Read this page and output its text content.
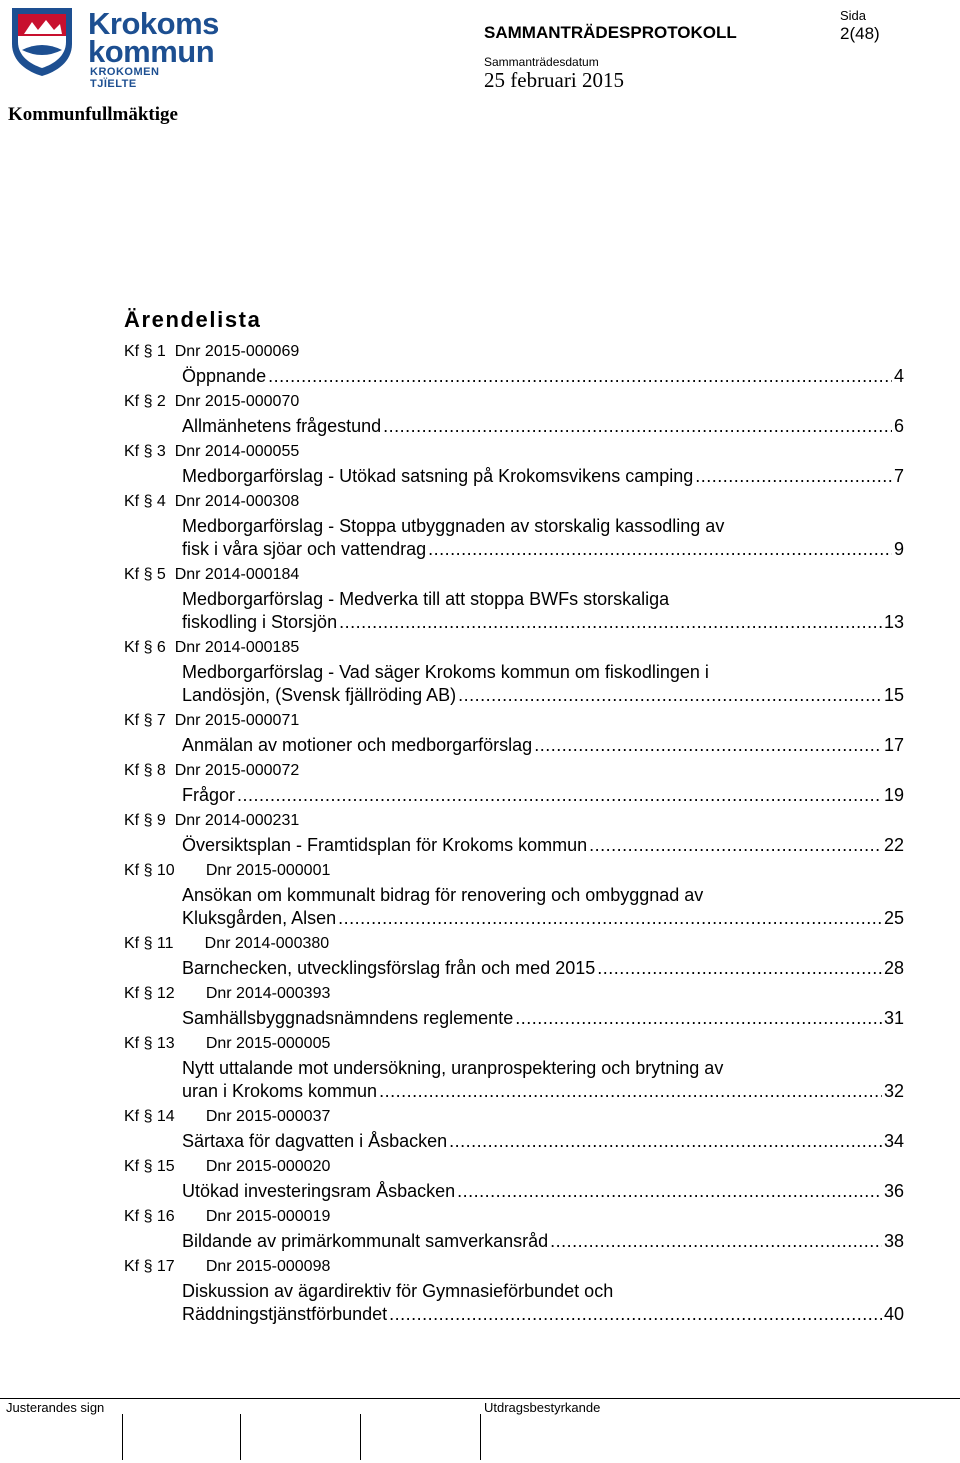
Krokoms
kommun
KROKOMEN TJÏELTE
SAMMANTRÄDESPROTOKOLL
Sida
2(48)
Sammanträdesdatum
25 februari 2015
Kommunfullmäktige
Ärendelista
Kf § 1  Dnr 2015-000069
Öppnande .....	4
Kf § 2  Dnr 2015-000070
Allmänhetens frågestund .....	6
Kf § 3  Dnr 2014-000055
Medborgarförslag - Utökad satsning på Krokomsvikens camping .....	7
Kf § 4  Dnr 2014-000308
Medborgarförslag - Stoppa utbyggnaden av storskalig kassodling av
fisk i våra sjöar och vattendrag .....	9
Kf § 5  Dnr 2014-000184
Medborgarförslag - Medverka till att stoppa BWFs storskaliga
fiskodling i Storsjön .....	13
Kf § 6  Dnr 2014-000185
Medborgarförslag - Vad säger Krokoms kommun om fiskodlingen i
Landösjön, (Svensk fjällröding AB) .....	15
Kf § 7  Dnr 2015-000071
Anmälan av motioner och medborgarförslag .....	17
Kf § 8  Dnr 2015-000072
Frågor .....	19
Kf § 9  Dnr 2014-000231
Översiktsplan - Framtidsplan för Krokoms kommun .....	22
Kf § 10       Dnr 2015-000001
Ansökan om kommunalt bidrag för renovering och ombyggnad av
Kluksgården, Alsen .....	25
Kf § 11       Dnr 2014-000380
Barnchecken, utvecklingsförslag från och med 2015 .....	28
Kf § 12       Dnr 2014-000393
Samhällsbyggnadsnämndens reglemente .....	31
Kf § 13       Dnr 2015-000005
Nytt uttalande mot undersökning, uranprospektering och brytning av
uran i Krokoms kommun .....	32
Kf § 14       Dnr 2015-000037
Särtaxa för dagvatten i Åsbacken .....	34
Kf § 15       Dnr 2015-000020
Utökad investeringsram Åsbacken .....	36
Kf § 16       Dnr 2015-000019
Bildande av primärkommunalt samverkansråd .....	38
Kf § 17       Dnr 2015-000098
Diskussion av ägardirektiv för Gymnasieförbundet och
Räddningstjänstförbundet .....	40
Justerandes sign	Utdragsbestyrkande
